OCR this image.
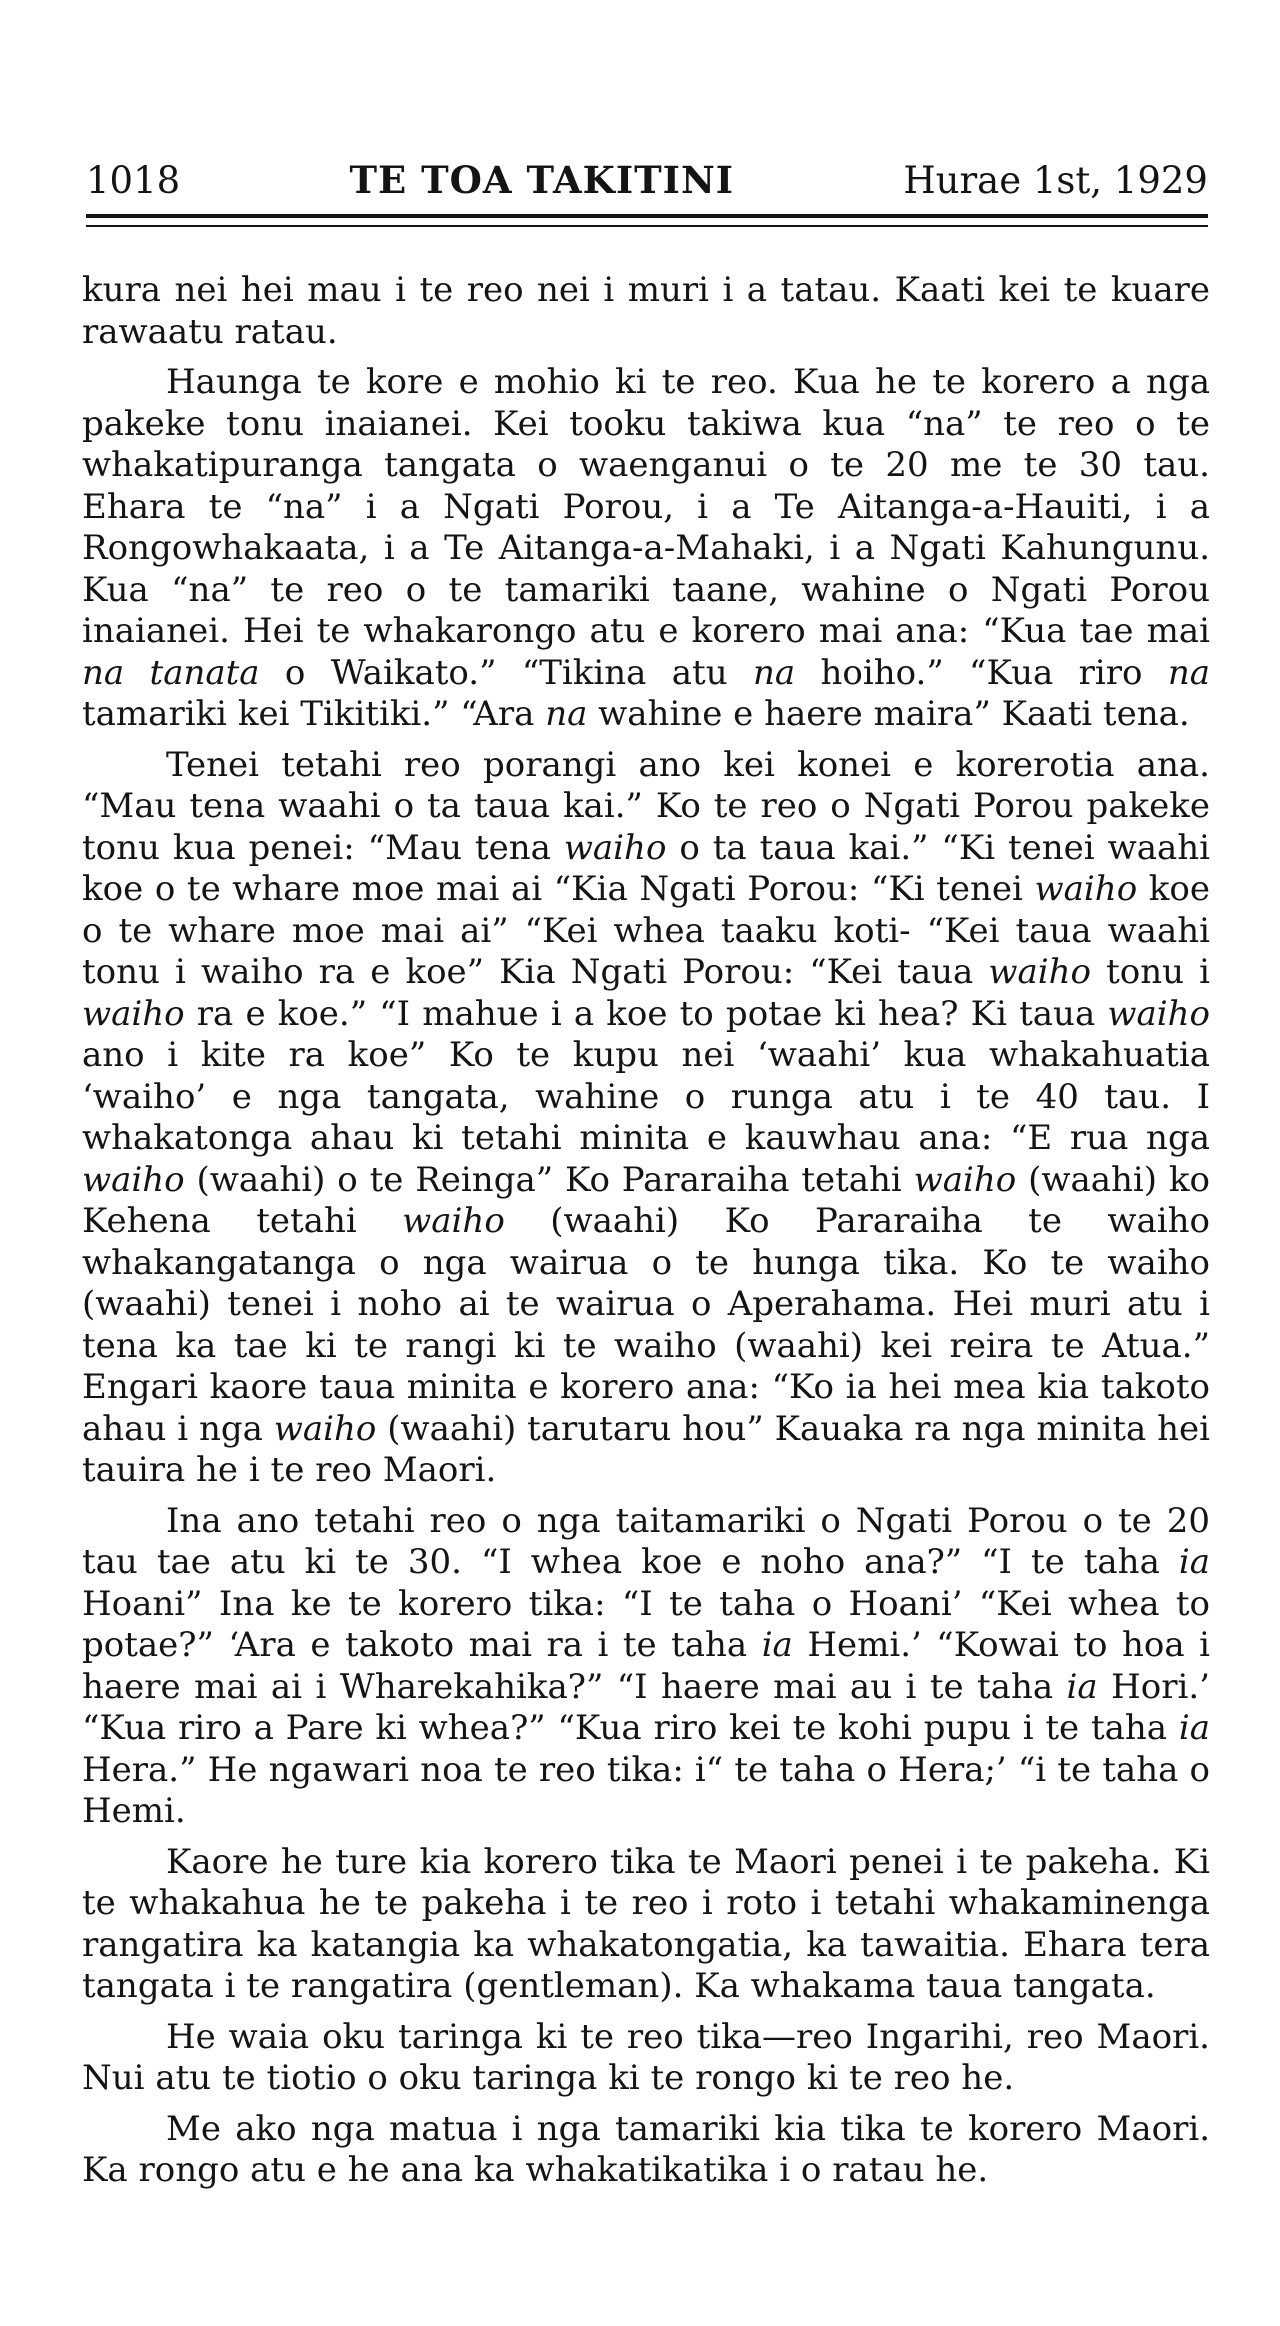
1018	TE TOA TAKITINI	Hurae 1st, 1929

kura nei hei mau i te reo nei i muri i a tatau. Kaati kei te kuare rawaatu ratau.

Haunga te kore e mohio ki te reo. Kua he te korero a nga pakeke tonu inaianei. Kei tooku takiwa kua “na” te reo o te whakatipuranga tangata o waenganui o te 20 me te 30 tau. Ehara te “na” i a Ngati Porou, i a Te Aitanga-a-Hauiti, i a Rongowhakaata, i a Te Aitanga-a-Mahaki, i a Ngati Kahungunu. Kua “na” te reo o te tamariki taane, wahine o Ngati Porou inaianei. Hei te whakarongo atu e korero mai ana: “Kua tae mai na tanata o Waikato.” “Tikina atu na hoiho.” “Kua riro na tamariki kei Tikitiki.” “Ara na wahine e haere maira” Kaati tena.

Tenei tetahi reo porangi ano kei konei e korerotia ana. “Mau tena waahi o ta taua kai.” Ko te reo o Ngati Porou pakeke tonu kua penei: “Mau tena waiho o ta taua kai.” “Ki tenei waahi koe o te whare moe mai ai “Kia Ngati Porou: “Ki tenei waiho koe o te whare moe mai ai” “Kei whea taaku koti- “Kei taua waahi tonu i waiho ra e koe” Kia Ngati Porou: “Kei taua waiho tonu i waiho ra e koe.” “I mahue i a koe to potae ki hea? Ki taua waiho ano i kite ra koe” Ko te kupu nei ‘waahi’ kua whakahuatia ‘waiho’ e nga tangata, wahine o runga atu i te 40 tau. I whakatonga ahau ki tetahi minita e kauwhau ana: “E rua nga waiho (waahi) o te Reinga” Ko Pararaiha tetahi waiho (waahi) ko Kehena tetahi waiho (waahi) Ko Pararaiha te waiho whakangatanga o nga wairua o te hunga tika. Ko te waiho (waahi) tenei i noho ai te wairua o Aperahama. Hei muri atu i tena ka tae ki te rangi ki te waiho (waahi) kei reira te Atua.” Engari kaore taua minita e korero ana: “Ko ia hei mea kia takoto ahau i nga waiho (waahi) tarutaru hou” Kauaka ra nga minita hei tauira he i te reo Maori.

Ina ano tetahi reo o nga taitamariki o Ngati Porou o te 20 tau tae atu ki te 30. “I whea koe e noho ana?” “I te taha ia Hoani” Ina ke te korero tika: “I te taha o Hoani’ “Kei whea to potae?” ‘Ara e takoto mai ra i te taha ia Hemi.’ “Kowai to hoa i haere mai ai i Wharekahika?” “I haere mai au i te taha ia Hori.’ “Kua riro a Pare ki whea?” “Kua riro kei te kohi pupu i te taha ia Hera.” He ngawari noa te reo tika: i“ te taha o Hera;’ “i te taha o Hemi.

Kaore he ture kia korero tika te Maori penei i te pakeha. Ki te whakahua he te pakeha i te reo i roto i tetahi whakaminenga rangatira ka katangia ka whakatongatia, ka tawaitia. Ehara tera tangata i te rangatira (gentleman). Ka whakama taua tangata.

He waia oku taringa ki te reo tika—reo Ingarihi, reo Maori. Nui atu te tiotio o oku taringa ki te rongo ki te reo he.

Me ako nga matua i nga tamariki kia tika te korero Maori. Ka rongo atu e he ana ka whakatikatika i o ratau he.
